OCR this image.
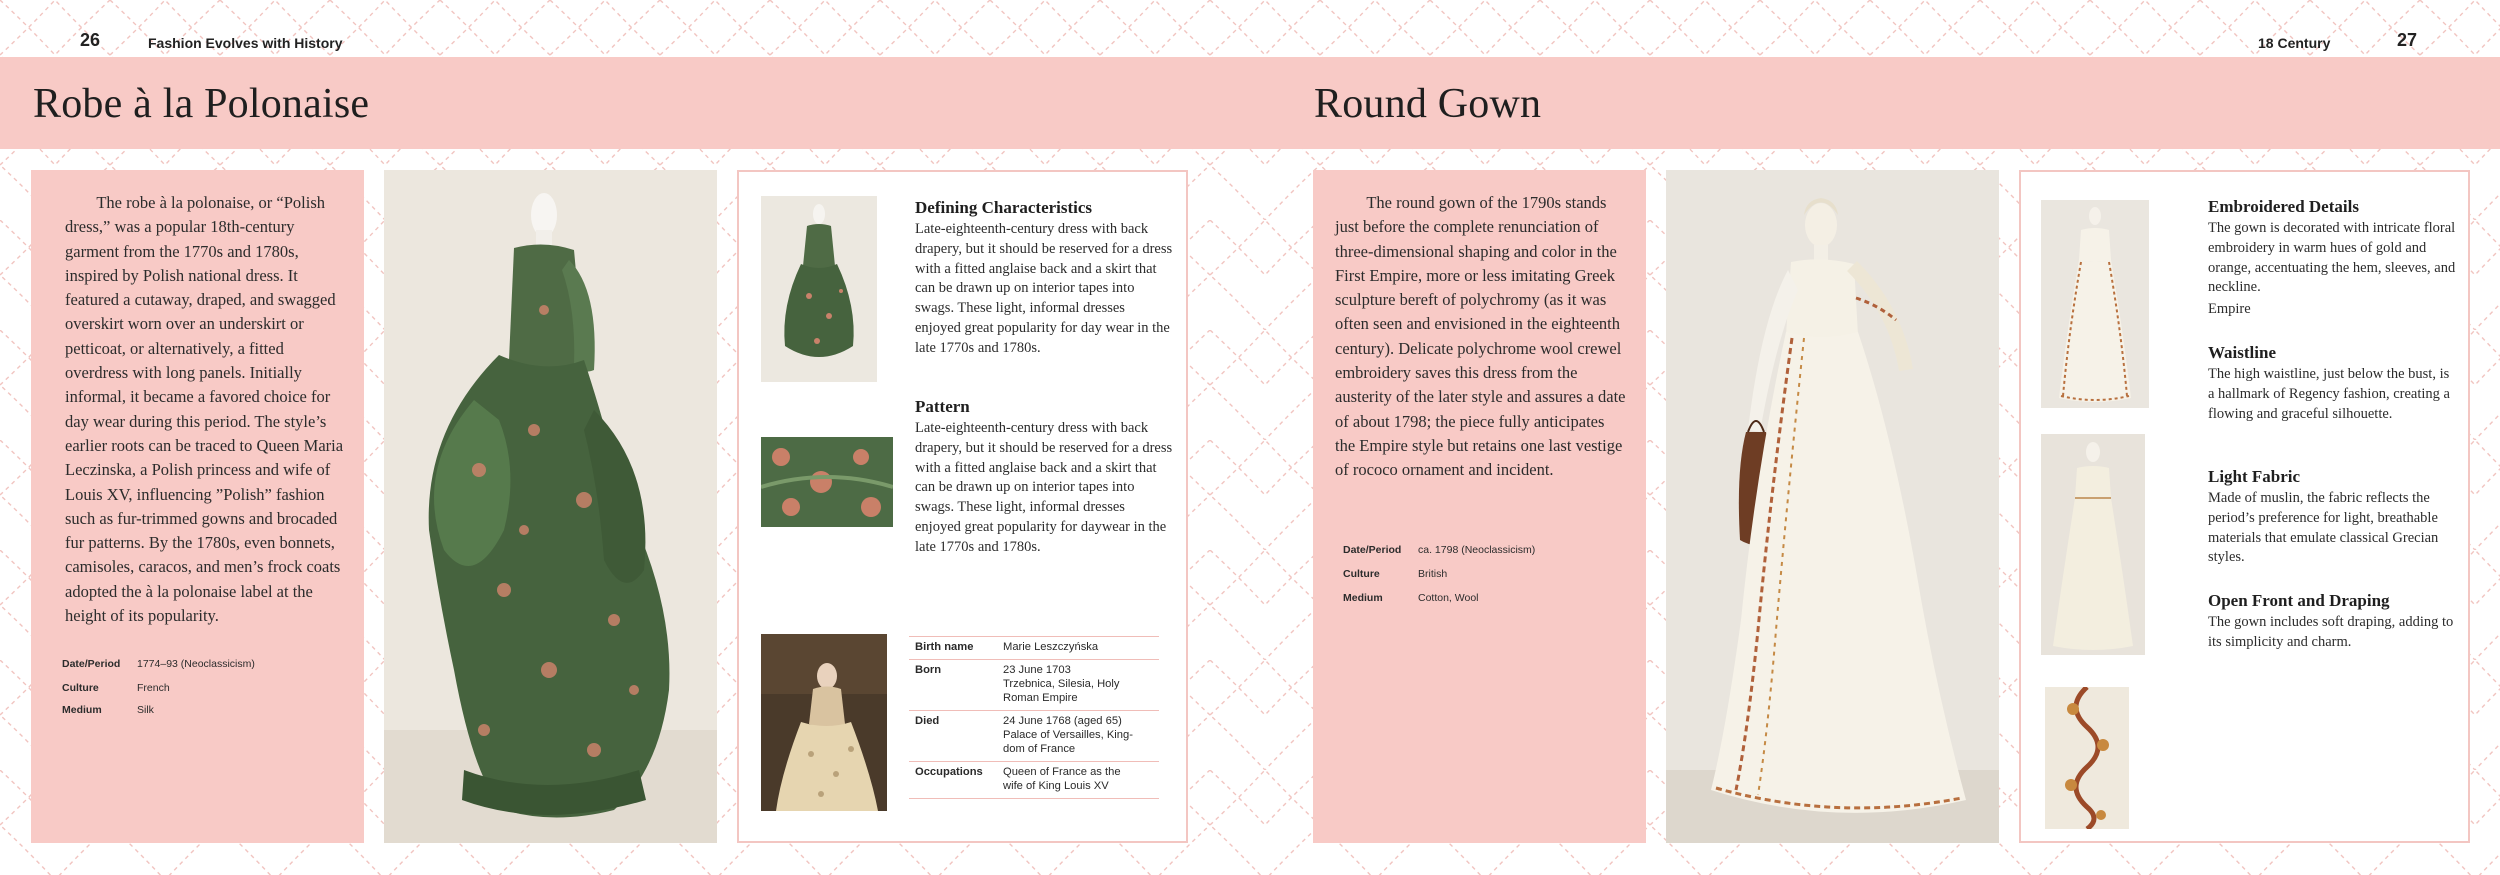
26	Fashion Evolves with History	18 Century	27
Robe à la Polonaise	Round Gown

The robe à la polonaise, or “Polish dress,” was a popular 18th-century garment from the 1770s and 1780s, inspired by Polish national dress. It featured a cutaway, draped, and swagged overskirt worn over an underskirt or petticoat, or alternatively, a fitted overdress with long panels. Initially informal, it became a favored choice for day wear during this period. The style’s earlier roots can be traced to Queen Maria Leczinska, a Polish princess and wife of Louis XV, influencing ”Polish” fashion such as fur-trimmed gowns and brocaded fur patterns. By the 1780s, even bonnets, camisoles, caracos, and men’s frock coats adopted the à la polonaise label at the height of its popularity.

Date/Period 1774–93 (Neoclassicism)
Culture	French
Medium	Silk
Defining Characteristics
Late-eighteenth-century dress with back drapery, but it should be reserved for a dress with a fitted anglaise back and a skirt that can be drawn up on interior tapes into swags. These light, informal dresses enjoyed great popularity for day wear in the late 1770s and 1780s.
Pattern
Late-eighteenth-century dress with back drapery, but it should be reserved for a dress with a fitted anglaise back and a skirt that can be drawn up on interior tapes into swags. These light, informal dresses enjoyed great popularity for daywear in the late 1770s and 1780s.
Birth name	Marie Leszczyńska
Born	23 June 1703
Trzebnica, Silesia, Holy
Roman Empire
Died	24 June 1768 (aged 65)
Palace of Versailles, King-
dom of France
Occupations	Queen of France as the
wife of King Louis XV

The round gown of the 1790s stands just before the complete renunciation of three-dimensional shaping and color in the First Empire, more or less imitating Greek sculpture bereft of polychromy (as it was often seen and envisioned in the eighteenth century). Delicate polychrome wool crewel embroidery saves this dress from the austerity of the later style and assures a date of about 1798; the piece fully anticipates the Empire style but retains one last vestige of rococo ornament and incident.

Date/Period ca. 1798 (Neoclassicism)
Culture	British
Medium	Cotton, Wool
Embroidered Details
The gown is decorated with intricate floral embroidery in warm hues of gold and orange, accentuating the hem, sleeves, and neckline.
Empire
Waistline
The high waistline, just below the bust, is a hallmark of Regency fashion, creating a flowing and graceful silhouette.
Light Fabric
Made of muslin, the fabric reflects the period’s preference for light, breathable materials that emulate classical Grecian styles.
Open Front and Draping
The gown includes soft draping, adding to its simplicity and charm.
